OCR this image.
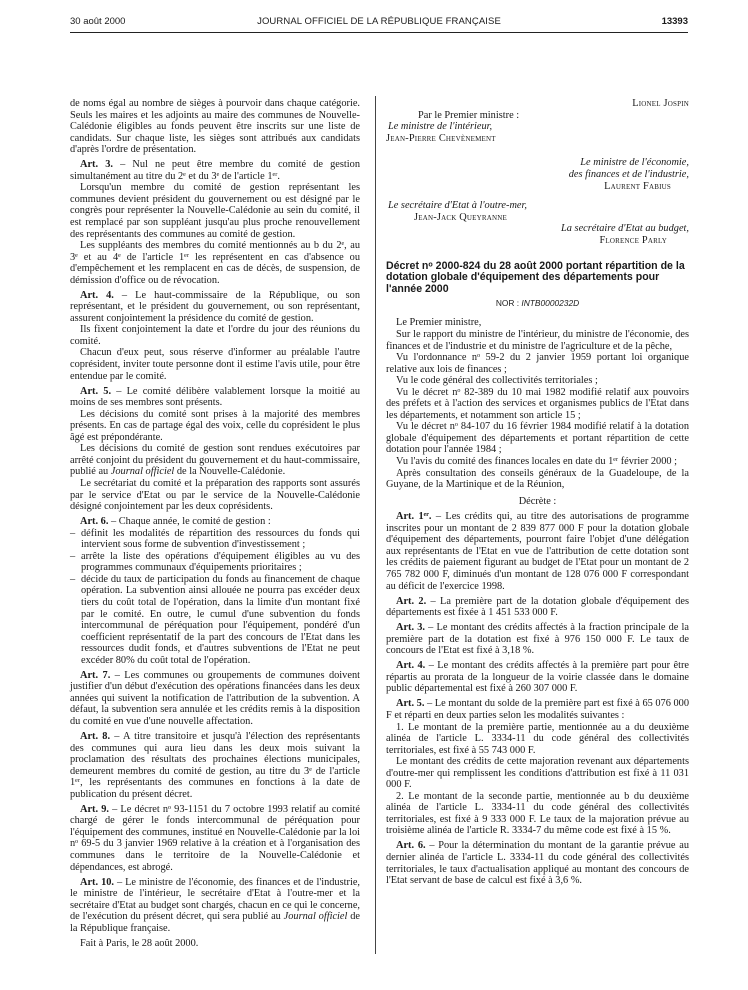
30 août 2000	JOURNAL OFFICIEL DE LA RÉPUBLIQUE FRANÇAISE	13393

de noms égal au nombre de sièges à pourvoir dans chaque catégorie. Seuls les maires et les adjoints au maire des communes de Nouvelle-Calédonie éligibles au fonds peuvent être inscrits sur une liste de candidats. Sur chaque liste, les sièges sont attribués aux candidats d'après l'ordre de présentation.

Art. 3. – Nul ne peut être membre du comité de gestion simultanément au titre du 2ᵉ et du 3ᵉ de l'article 1ᵉʳ.

Lorsqu'un membre du comité de gestion représentant les communes devient président du gouvernement ou est désigné par le congrès pour représenter la Nouvelle-Calédonie au sein du comité, il est remplacé par son suppléant jusqu'au plus proche renouvellement des représentants des communes au comité de gestion.

Les suppléants des membres du comité mentionnés au b du 2ᵉ, au 3ᵉ et au 4ᵉ de l'article 1ᵉʳ les représentent en cas d'absence ou d'empêchement et les remplacent en cas de décès, de suspension, de démission d'office ou de révocation.

Art. 4. – Le haut-commissaire de la République, ou son représentant, et le président du gouvernement, ou son représentant, assurent conjointement la présidence du comité de gestion.

Ils fixent conjointement la date et l'ordre du jour des réunions du comité.

Chacun d'eux peut, sous réserve d'informer au préalable l'autre coprésident, inviter toute personne dont il estime l'avis utile, pour être entendue par le comité.

Art. 5. – Le comité délibère valablement lorsque la moitié au moins de ses membres sont présents.

Les décisions du comité sont prises à la majorité des membres présents. En cas de partage égal des voix, celle du coprésident le plus âgé est prépondérante.

Les décisions du comité de gestion sont rendues exécutoires par arrêté conjoint du président du gouvernement et du haut-commissaire, publié au Journal officiel de la Nouvelle-Calédonie.

Le secrétariat du comité et la préparation des rapports sont assurés par le service d'Etat ou par le service de la Nouvelle-Calédonie désigné conjointement par les deux coprésidents.

Art. 6. – Chaque année, le comité de gestion :

– définit les modalités de répartition des ressources du fonds qui intervient sous forme de subvention d'investissement ;
– arrête la liste des opérations d'équipement éligibles au vu des programmes communaux d'équipements prioritaires ;
– décide du taux de participation du fonds au financement de chaque opération. La subvention ainsi allouée ne pourra pas excéder deux tiers du coût total de l'opération, dans la limite d'un montant fixé par le comité. En outre, le cumul d'une subvention du fonds intercommunal de péréquation pour l'équipement, pondéré d'un coefficient représentatif de la part des concours de l'Etat dans les ressources dudit fonds, et d'autres subventions de l'Etat ne peut excéder 80% du coût total de l'opération.

Art. 7. – Les communes ou groupements de communes doivent justifier d'un début d'exécution des opérations financées dans les deux années qui suivent la notification de l'attribution de la subvention. A défaut, la subvention sera annulée et les crédits remis à la disposition du comité en vue d'une nouvelle affectation.

Art. 8. – A titre transitoire et jusqu'à l'élection des représentants des communes qui aura lieu dans les deux mois suivant la proclamation des résultats des prochaines élections municipales, demeurent membres du comité de gestion, au titre du 3ᵉ de l'article 1ᵉʳ, les représentants des communes en fonctions à la date de publication du présent décret.

Art. 9. – Le décret nᵒ 93-1151 du 7 octobre 1993 relatif au comité chargé de gérer le fonds intercommunal de péréquation pour l'équipement des communes, institué en Nouvelle-Calédonie par la loi nᵒ 69-5 du 3 janvier 1969 relative à la création et à l'organisation des communes dans le territoire de la Nouvelle-Calédonie et dépendances, est abrogé.

Art. 10. – Le ministre de l'économie, des finances et de l'industrie, le ministre de l'intérieur, le secrétaire d'Etat à l'outre-mer et la secrétaire d'Etat au budget sont chargés, chacun en ce qui le concerne, de l'exécution du présent décret, qui sera publié au Journal officiel de la République française.

Fait à Paris, le 28 août 2000.

Lionel Jospin
Par le Premier ministre :
Le ministre de l'intérieur,
Jean-Pierre Chevènement
Le ministre de l'économie,
des finances et de l'industrie,
Laurent Fabius
Le secrétaire d'Etat à l'outre-mer,
Jean-Jack Queyranne
La secrétaire d'Etat au budget,
Florence Parly
Décret nᵒ 2000-824 du 28 août 2000 portant répartition de la dotation globale d'équipement des départements pour l'année 2000
NOR : INTB0000232D

Le Premier ministre,

Sur le rapport du ministre de l'intérieur, du ministre de l'économie, des finances et de l'industrie et du ministre de l'agriculture et de la pêche,

Vu l'ordonnance nᵒ 59-2 du 2 janvier 1959 portant loi organique relative aux lois de finances ;

Vu le code général des collectivités territoriales ;

Vu le décret nᵒ 82-389 du 10 mai 1982 modifié relatif aux pouvoirs des préfets et à l'action des services et organismes publics de l'Etat dans les départements, et notamment son article 15 ;

Vu le décret nᵒ 84-107 du 16 février 1984 modifié relatif à la dotation globale d'équipement des départements et portant répartition de cette dotation pour l'année 1984 ;

Vu l'avis du comité des finances locales en date du 1ᵉʳ février 2000 ;

Après consultation des conseils généraux de la Guadeloupe, de la Guyane, de la Martinique et de la Réunion,

Décrète :

Art. 1ᵉʳ. – Les crédits qui, au titre des autorisations de programme inscrites pour un montant de 2 839 877 000 F pour la dotation globale d'équipement des départements, pourront faire l'objet d'une délégation aux représentants de l'Etat en vue de l'attribution de cette dotation sont les crédits de paiement figurant au budget de l'Etat pour un montant de 2 765 782 000 F, diminués d'un montant de 128 076 000 F correspondant au déficit de l'exercice 1998.

Art. 2. – La première part de la dotation globale d'équipement des départements est fixée à 1 451 533 000 F.

Art. 3. – Le montant des crédits affectés à la fraction principale de la première part de la dotation est fixé à 976 150 000 F. Le taux de concours de l'Etat est fixé à 3,18 %.

Art. 4. – Le montant des crédits affectés à la première part pour être répartis au prorata de la longueur de la voirie classée dans le domaine public départemental est fixé à 260 307 000 F.

Art. 5. – Le montant du solde de la première part est fixé à 65 076 000 F et réparti en deux parties selon les modalités suivantes :

1. Le montant de la première partie, mentionnée au a du deuxième alinéa de l'article L. 3334-11 du code général des collectivités territoriales, est fixé à 55 743 000 F.

Le montant des crédits de cette majoration revenant aux départements d'outre-mer qui remplissent les conditions d'attribution est fixé à 11 031 000 F.

2. Le montant de la seconde partie, mentionnée au b du deuxième alinéa de l'article L. 3334-11 du code général des collectivités territoriales, est fixé à 9 333 000 F. Le taux de la majoration prévue au troisième alinéa de l'article R. 3334-7 du même code est fixé à 15 %.

Art. 6. – Pour la détermination du montant de la garantie prévue au dernier alinéa de l'article L. 3334-11 du code général des collectivités territoriales, le taux d'actualisation appliqué au montant des concours de l'Etat servant de base de calcul est fixé à 3,6 %.
